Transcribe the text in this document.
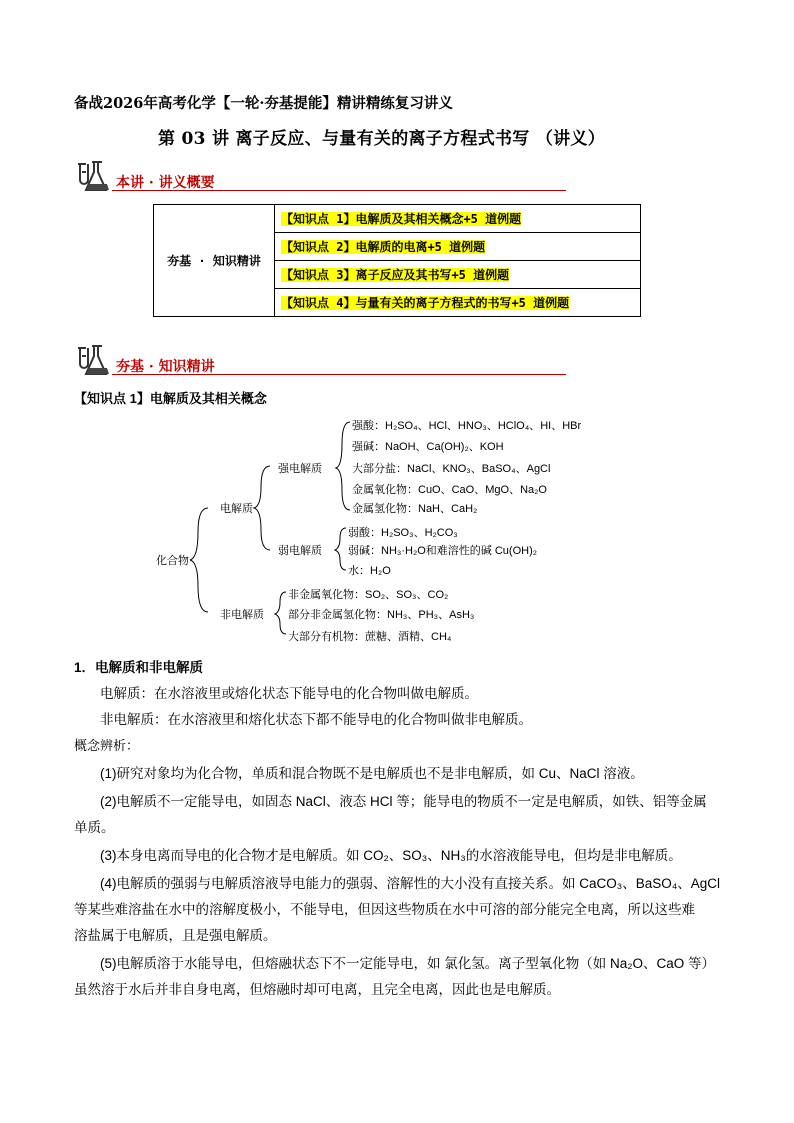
备战2026年高考化学【一轮·夯基提能】精讲精练复习讲义
第 03 讲 离子反应、与量有关的离子方程式书写 （讲义）
本讲 · 讲义概要
夯基 · 知识精讲	【知识点 1】电解质及其相关概念+5 道例题
【知识点 2】电解质的电离+5 道例题
【知识点 3】离子反应及其书写+5 道例题
【知识点 4】与量有关的离子方程式的书写+5 道例题
夯基 · 知识精讲
【知识点 1】电解质及其相关概念
化合物
电解质
非电解质
强电解质
弱电解质
强酸：H₂SO₄、HCl、HNO₃、HClO₄、HI、HBr
强碱：NaOH、Ca(OH)₂、KOH
大部分盐：NaCl、KNO₃、BaSO₄、AgCl
金属氧化物：CuO、CaO、MgO、Na₂O
金属氢化物：NaH、CaH₂
弱酸：H₂SO₃、H₂CO₃
弱碱：NH₃·H₂O和难溶性的碱 Cu(OH)₂
水：H₂O
非金属氧化物：SO₂、SO₃、CO₂
部分非金属氢化物：NH₃、PH₃、AsH₃
大部分有机物：蔗糖、酒精、CH₄
1．电解质和非电解质
电解质：在水溶液里或熔化状态下能导电的化合物叫做电解质。
非电解质：在水溶液里和熔化状态下都不能导电的化合物叫做非电解质。
概念辨析：
(1)研究对象均为化合物，单质和混合物既不是电解质也不是非电解质，如 Cu、NaCl 溶液。
(2)电解质不一定能导电，如固态 NaCl、液态 HCl 等；能导电的物质不一定是电解质，如铁、铝等金属
单质。
(3)本身电离而导电的化合物才是电解质。如 CO₂、SO₃、NH₃的水溶液能导电，但均是非电解质。
(4)电解质的强弱与电解质溶液导电能力的强弱、溶解性的大小没有直接关系。如 CaCO₃、BaSO₄、AgCl
等某些难溶盐在水中的溶解度极小，不能导电，但因这些物质在水中可溶的部分能完全电离，所以这些难
溶盐属于电解质，且是强电解质。
(5)电解质溶于水能导电，但熔融状态下不一定能导电，如 氯化氢。离子型氧化物（如 Na₂O、CaO 等）
虽然溶于水后并非自身电离，但熔融时却可电离，且完全电离，因此也是电解质。
